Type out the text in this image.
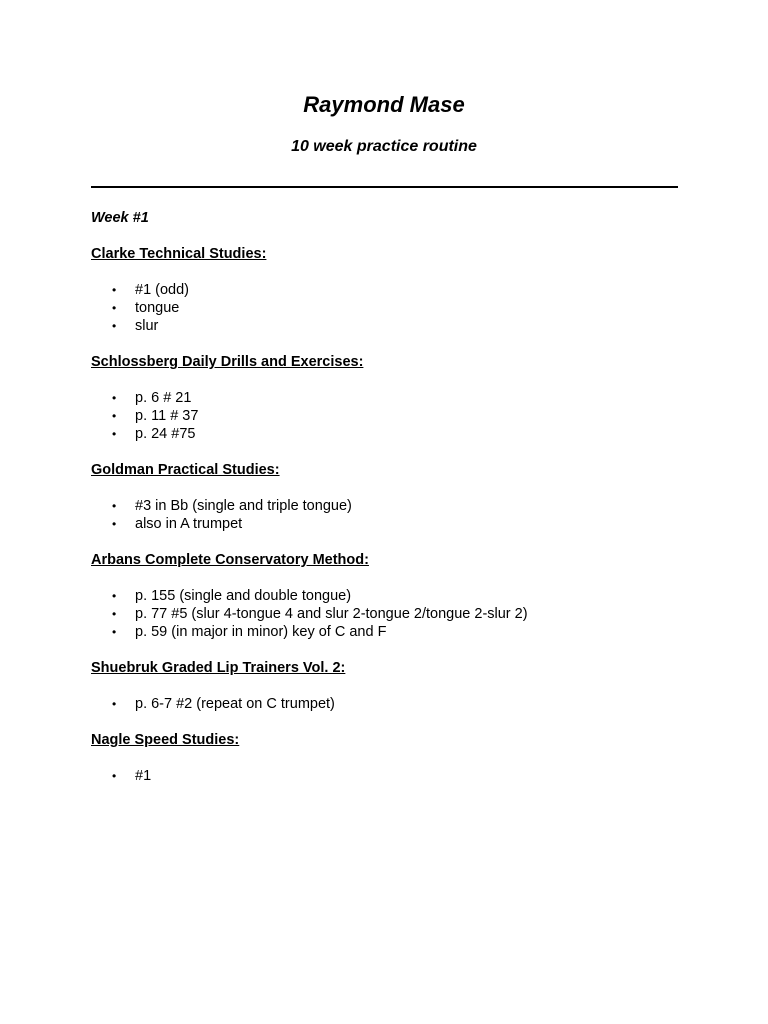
Raymond Mase
10 week practice routine
Week #1
Clarke Technical Studies:
• #1 (odd)
• tongue
• slur
Schlossberg Daily Drills and Exercises:
• p. 6 # 21
• p. 11 # 37
• p. 24 #75
Goldman Practical Studies:
• #3 in Bb (single and triple tongue)
• also in A trumpet
Arbans Complete Conservatory Method:
• p. 155 (single and double tongue)
• p. 77 #5 (slur 4-tongue 4 and slur 2-tongue 2/tongue 2-slur 2)
• p. 59 (in major in minor) key of C and F
Shuebruk Graded Lip Trainers Vol. 2:
• p. 6-7 #2 (repeat on C trumpet)
Nagle Speed Studies:
• #1
